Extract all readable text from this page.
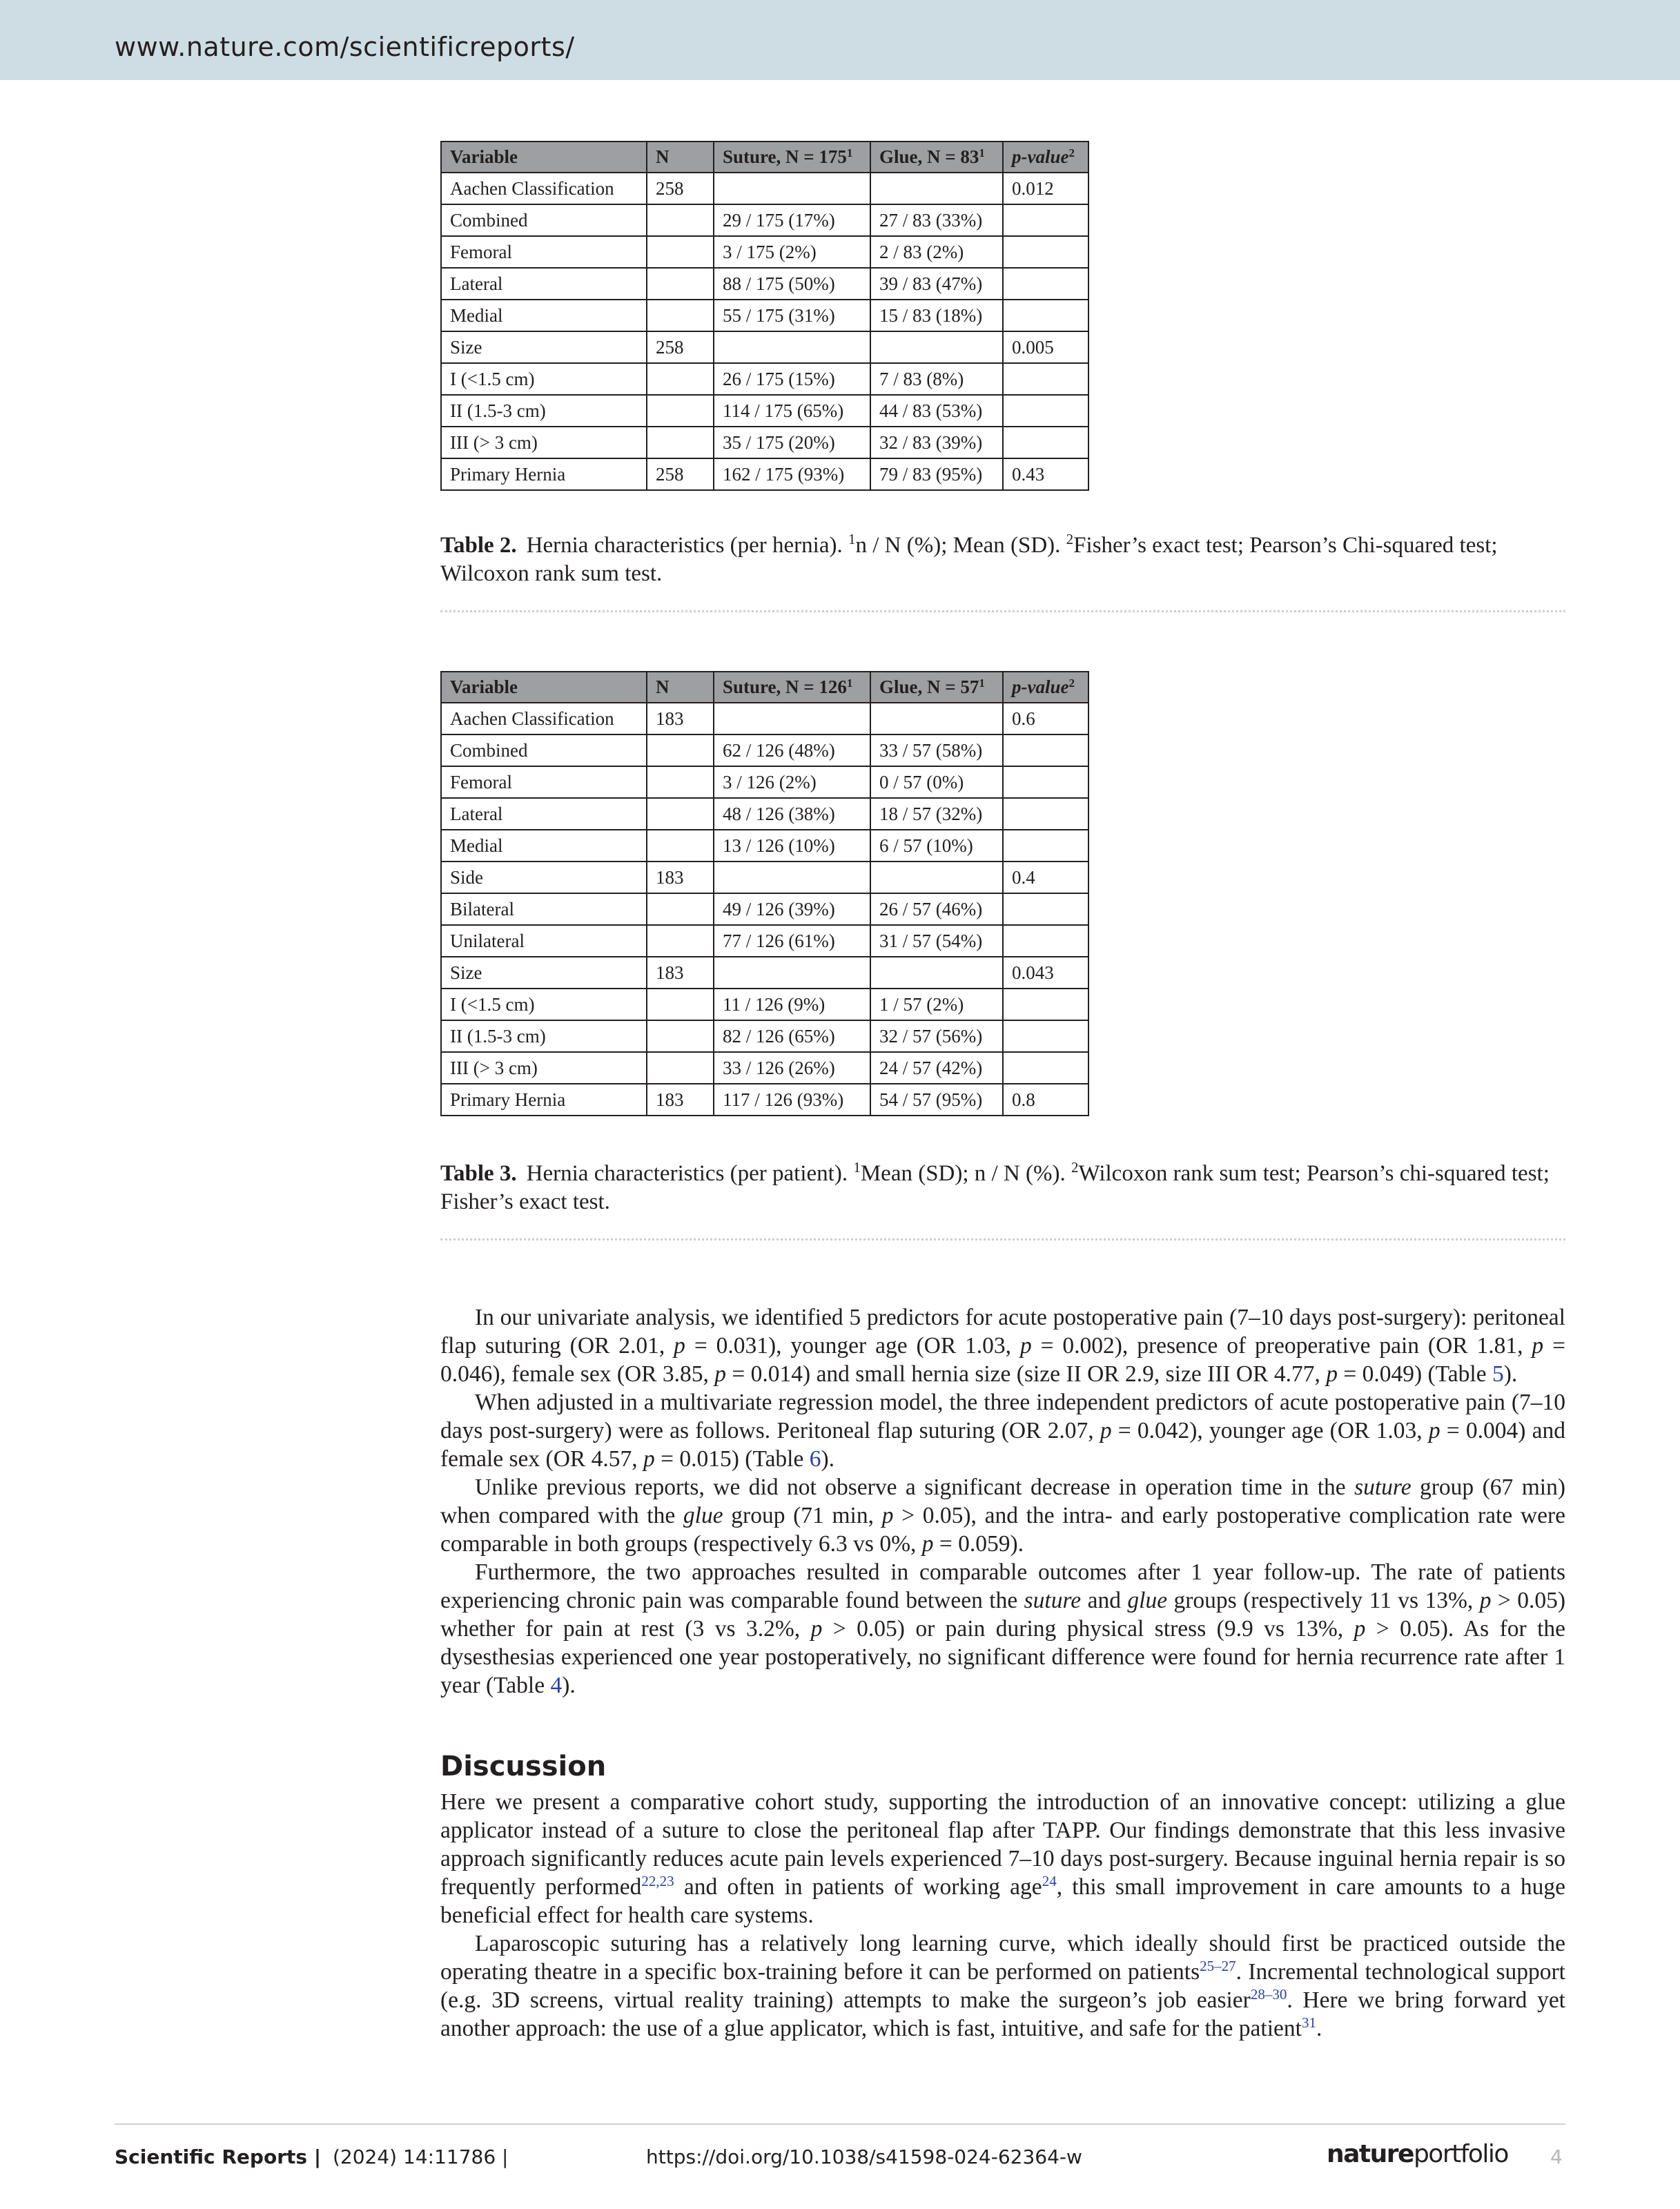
www.nature.com/scientificreports/
Variable	N	Suture, $N = 175^1$	Glue, $N = 83^1$	p-value$^2$
Aachen Classification	258			0.012
Combined		29 / 175 (17%)	27 / 83 (33%)	
Femoral		3 / 175 (2%)	2 / 83 (2%)	
Lateral		88 / 175 (50%)	39 / 83 (47%)	
Medial		55 / 175 (31%)	15 / 83 (18%)	
Size	258			0.005
I (<1.5 cm)		26 / 175 (15%)	7 / 83 (8%)	
II (1.5-3 cm)		114 / 175 (65%)	44 / 83 (53%)	
III (> 3 cm)		35 / 175 (20%)	32 / 83 (39%)	
Primary Hernia	258	162 / 175 (93%)	79 / 83 (95%)	0.43
Table 2. Hernia characteristics (per hernia). $^1$n / N (%); Mean (SD). $^2$Fisher’s exact test; Pearson’s Chi-squared test; Wilcoxon rank sum test.
Variable	N	Suture, $N = 126^1$	Glue, $N = 57^1$	p-value$^2$
Aachen Classification	183			0.6
Combined		62 / 126 (48%)	33 / 57 (58%)	
Femoral		3 / 126 (2%)	0 / 57 (0%)	
Lateral		48 / 126 (38%)	18 / 57 (32%)	
Medial		13 / 126 (10%)	6 / 57 (10%)	
Side	183			0.4
Bilateral		49 / 126 (39%)	26 / 57 (46%)	
Unilateral		77 / 126 (61%)	31 / 57 (54%)	
Size	183			0.043
I (<1.5 cm)		11 / 126 (9%)	1 / 57 (2%)	
II (1.5-3 cm)		82 / 126 (65%)	32 / 57 (56%)	
III (> 3 cm)		33 / 126 (26%)	24 / 57 (42%)	
Primary Hernia	183	117 / 126 (93%)	54 / 57 (95%)	0.8
Table 3. Hernia characteristics (per patient). $^1$Mean (SD); n / N (%). $^2$Wilcoxon rank sum test; Pearson’s chi-squared test; Fisher’s exact test.

In our univariate analysis, we identified 5 predictors for acute postoperative pain (7–10 days post-surgery): peritoneal flap suturing (OR 2.01, p = 0.031), younger age (OR 1.03, p = 0.002), presence of preoperative pain (OR 1.81, p = 0.046), female sex (OR 3.85, p = 0.014) and small hernia size (size II OR 2.9, size III OR 4.77, p = 0.049) (Table 5).

When adjusted in a multivariate regression model, the three independent predictors of acute postoperative pain (7–10 days post-surgery) were as follows. Peritoneal flap suturing (OR 2.07, p = 0.042), younger age (OR 1.03, p = 0.004) and female sex (OR 4.57, p = 0.015) (Table 6).

Unlike previous reports, we did not observe a significant decrease in operation time in the suture group (67 min) when compared with the glue group (71 min, p > 0.05), and the intra- and early postoperative complication rate were comparable in both groups (respectively 6.3 vs 0%, p = 0.059).

Furthermore, the two approaches resulted in comparable outcomes after 1 year follow-up. The rate of patients experiencing chronic pain was comparable found between the suture and glue groups (respectively 11 vs 13%, p > 0.05) whether for pain at rest (3 vs 3.2%, p > 0.05) or pain during physical stress (9.9 vs 13%, p > 0.05). As for the dysesthesias experienced one year postoperatively, no significant difference were found for hernia recurrence rate after 1 year (Table 4).

Discussion

Here we present a comparative cohort study, supporting the introduction of an innovative concept: utilizing a glue applicator instead of a suture to close the peritoneal flap after TAPP. Our findings demonstrate that this less invasive approach significantly reduces acute pain levels experienced 7–10 days post-surgery. Because inguinal hernia repair is so frequently performed$^{22,23}$ and often in patients of working age$^{24}$, this small improvement in care amounts to a huge beneficial effect for health care systems.

Laparoscopic suturing has a relatively long learning curve, which ideally should first be practiced outside the operating theatre in a specific box-training before it can be performed on patients$^{25-27}$. Incremental technological support (e.g. 3D screens, virtual reality training) attempts to make the surgeon’s job easier$^{28-30}$. Here we bring forward yet another approach: the use of a glue applicator, which is fast, intuitive, and safe for the patient$^{31}$.

Scientific Reports | (2024) 14:11786 |	https://doi.org/10.1038/s41598-024-62364-w	natureportfolio 4
